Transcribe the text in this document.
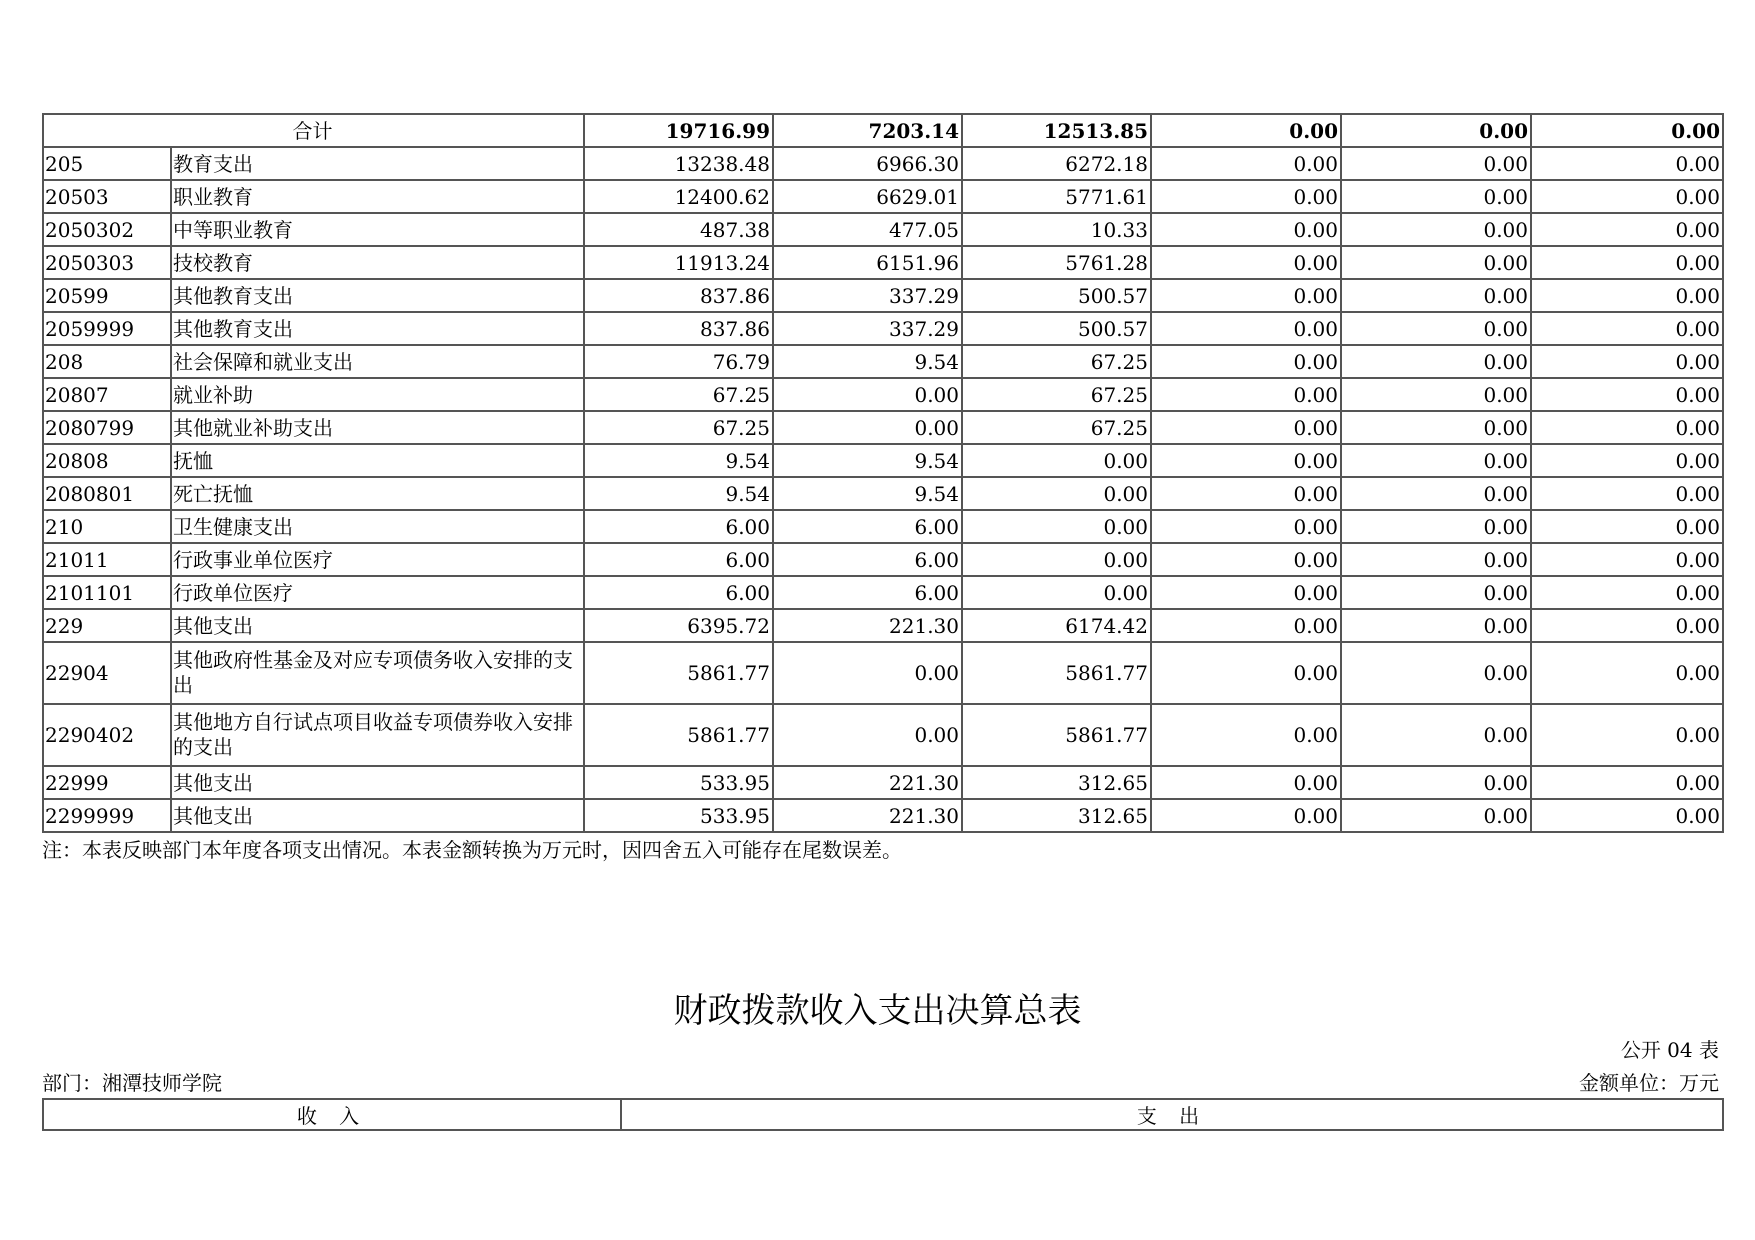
合计		19716.99	7203.14	12513.85	0.00	0.00	0.00
205	教育支出	13238.48	6966.30	6272.18	0.00	0.00	0.00
20503	职业教育	12400.62	6629.01	5771.61	0.00	0.00	0.00
2050302	中等职业教育	487.38	477.05	10.33	0.00	0.00	0.00
2050303	技校教育	11913.24	6151.96	5761.28	0.00	0.00	0.00
20599	其他教育支出	837.86	337.29	500.57	0.00	0.00	0.00
2059999	其他教育支出	837.86	337.29	500.57	0.00	0.00	0.00
208	社会保障和就业支出	76.79	9.54	67.25	0.00	0.00	0.00
20807	就业补助	67.25	0.00	67.25	0.00	0.00	0.00
2080799	其他就业补助支出	67.25	0.00	67.25	0.00	0.00	0.00
20808	抚恤	9.54	9.54	0.00	0.00	0.00	0.00
2080801	死亡抚恤	9.54	9.54	0.00	0.00	0.00	0.00
210	卫生健康支出	6.00	6.00	0.00	0.00	0.00	0.00
21011	行政事业单位医疗	6.00	6.00	0.00	0.00	0.00	0.00
2101101	行政单位医疗	6.00	6.00	0.00	0.00	0.00	0.00
229	其他支出	6395.72	221.30	6174.42	0.00	0.00	0.00
22904	其他政府性基金及对应专项债务收入安排的支出	5861.77	0.00	5861.77	0.00	0.00	0.00
2290402	其他地方自行试点项目收益专项债券收入安排的支出	5861.77	0.00	5861.77	0.00	0.00	0.00
22999	其他支出	533.95	221.30	312.65	0.00	0.00	0.00
2299999	其他支出	533.95	221.30	312.65	0.00	0.00	0.00
注：本表反映部门本年度各项支出情况。本表金额转换为万元时，因四舍五入可能存在尾数误差。
财政拨款收入支出决算总表
公开 04 表
部门：湘潭技师学院	金额单位：万元
收 入	支 出
